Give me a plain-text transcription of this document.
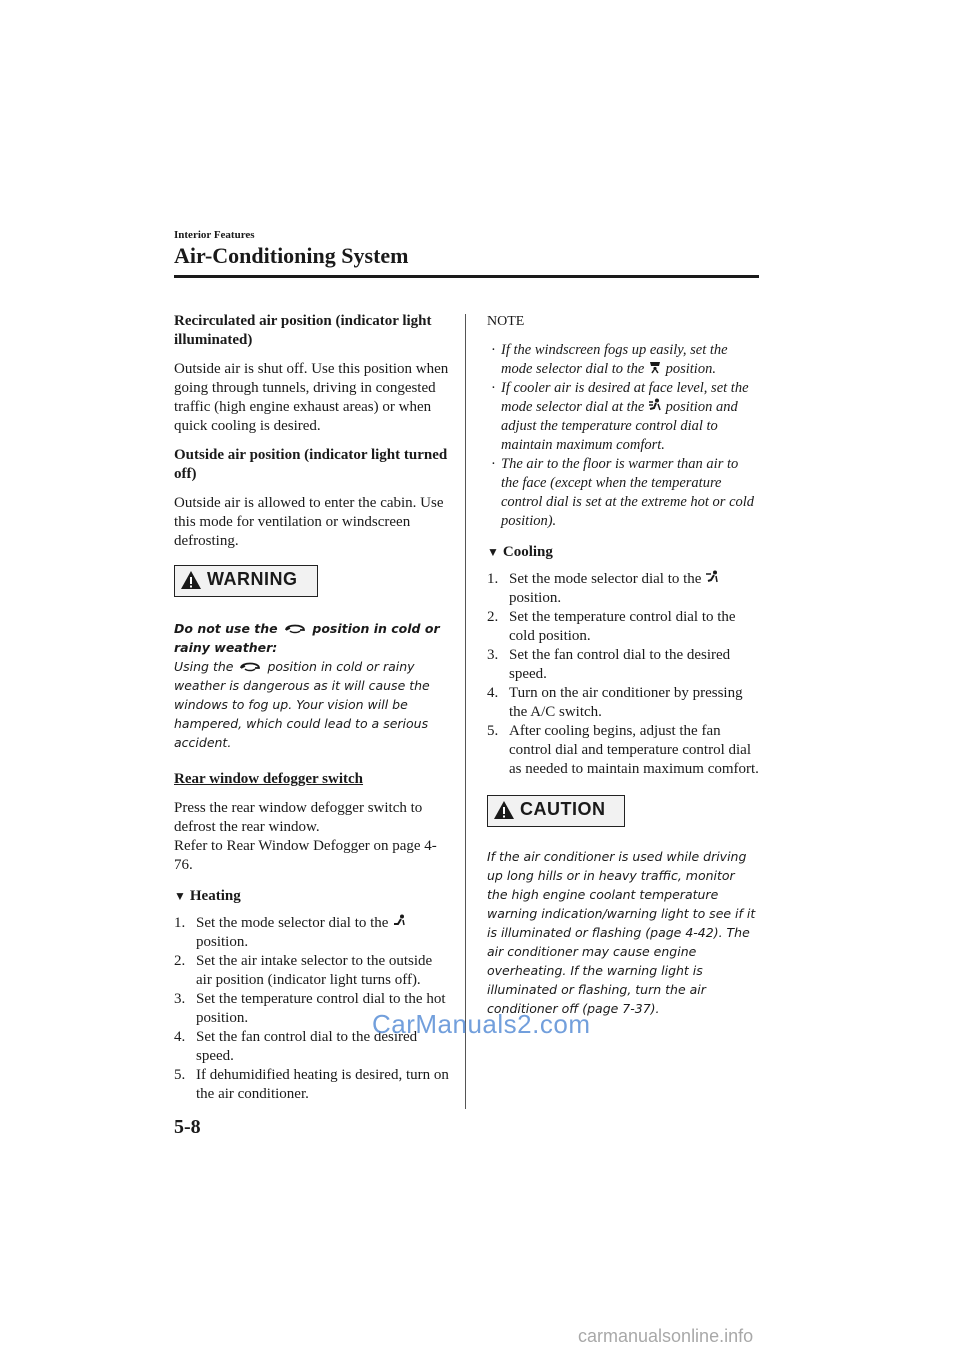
Interior Features
Air-Conditioning System

Recirculated air position (indicator light illuminated)

Outside air is shut off. Use this position when going through tunnels, driving in congested traffic (high engine exhaust areas) or when quick cooling is desired.

Outside air position (indicator light turned off)

Outside air is allowed to enter the cabin. Use this mode for ventilation or windscreen defrosting.

WARNING

Do not use the	position in cold or rainy weather:
Using the	position in cold or rainy weather is dangerous as it will cause the windows to fog up. Your vision will be hampered, which could lead to a serious accident.

Rear window defogger switch

Press the rear window defogger switch to defrost the rear window.

Refer to Rear Window Defogger on page 4-76.

▼ Heating

1. Set the mode selector dial to the
position.
2. Set the air intake selector to the outside air position (indicator light turns off).
3. Set the temperature control dial to the hot position.
4. Set the fan control dial to the desired speed.
5. If dehumidified heating is desired, turn on the air conditioner.

NOTE

· If the windscreen fogs up easily, set the mode selector dial to the position.
· If cooler air is desired at face level, set the mode selector dial at the position and adjust the temperature control dial to maintain maximum comfort.
· The air to the floor is warmer than air to the face (except when the temperature control dial is set at the extreme hot or cold position).

▼ Cooling

1. Set the mode selector dial to the
position.
2. Set the temperature control dial to the cold position.
3. Set the fan control dial to the desired speed.
4. Turn on the air conditioner by pressing the A/C switch.
5. After cooling begins, adjust the fan control dial and temperature control dial as needed to maintain maximum comfort.
CAUTION

If the air conditioner is used while driving up long hills or in heavy traffic, monitor the high engine coolant temperature warning indication/warning light to see if it is illuminated or flashing (page 4-42). The air conditioner may cause engine overheating. If the warning light is illuminated or flashing, turn the air conditioner off (page 7-37).

5-8
CarManuals2.com
carmanualsonline.info
